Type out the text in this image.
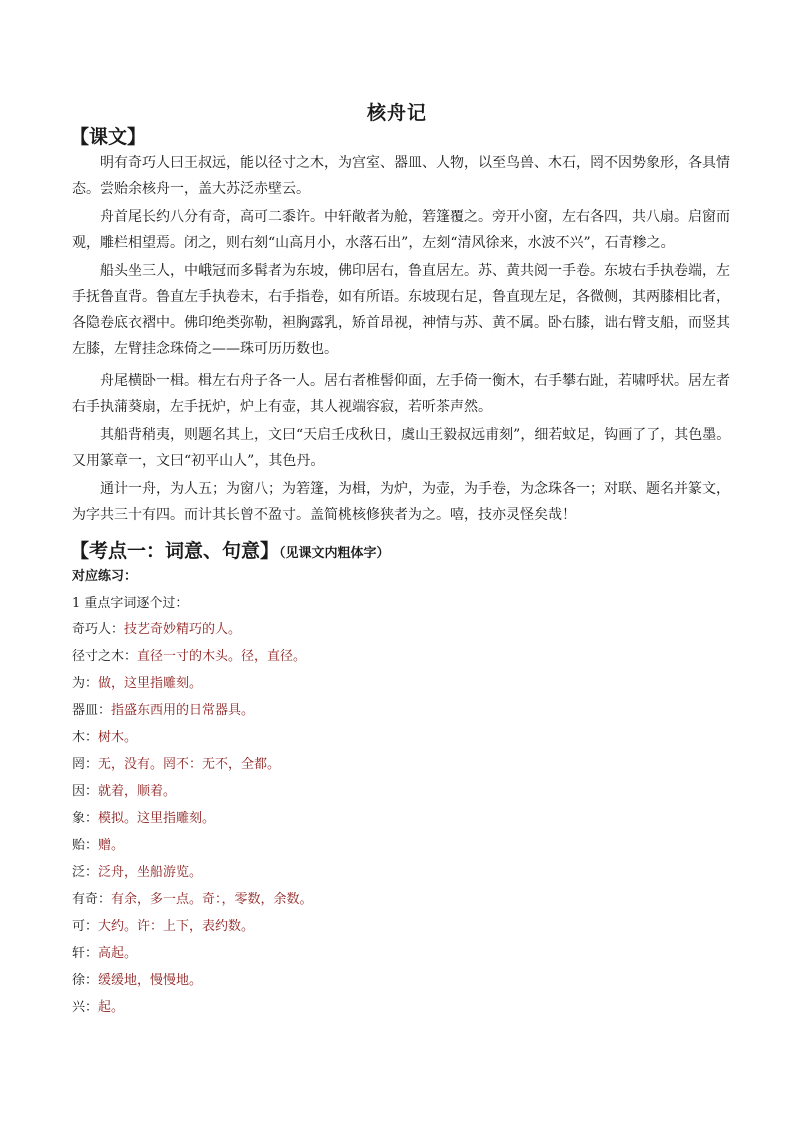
核舟记
【课文】
明有奇巧人曰王叔远，能以径寸之木，为宫室、器皿、人物，以至鸟兽、木石，罔不因势象形，各具情态。尝贻余核舟一，盖大苏泛赤壁云。
舟首尾长约八分有奇，高可二黍许。中轩敞者为舱，箬篷覆之。旁开小窗，左右各四，共八扇。启窗而观，雕栏相望焉。闭之，则右刻“山高月小，水落石出”，左刻“清风徐来，水波不兴”，石青糁之。
船头坐三人，中峨冠而多髯者为东坡，佛印居右，鲁直居左。苏、黄共阅一手卷。东坡右手执卷端，左手抚鲁直背。鲁直左手执卷末，右手指卷，如有所语。东坡现右足，鲁直现左足，各微侧，其两膝相比者，各隐卷底衣褶中。佛印绝类弥勒，袒胸露乳，矫首昂视，神情与苏、黄不属。卧右膝，诎右臂支船，而竖其左膝，左臂挂念珠倚之——珠可历历数也。
舟尾横卧一楫。楫左右舟子各一人。居右者椎髻仰面，左手倚一衡木，右手攀右趾，若啸呼状。居左者右手执蒲葵扇，左手抚炉，炉上有壶，其人视端容寂，若听茶声然。
其船背稍夷，则题名其上，文曰“天启壬戌秋日，虞山王毅叔远甫刻”，细若蚊足，钩画了了，其色墨。又用篆章一，文曰“初平山人”，其色丹。
通计一舟，为人五；为窗八；为箬篷，为楫，为炉，为壶，为手卷，为念珠各一；对联、题名并篆文，为字共三十有四。而计其长曾不盈寸。盖简桃核修狭者为之。嘻，技亦灵怪矣哉！
【考点一：词意、句意】（见课文内粗体字）
对应练习：
1 重点字词逐个过：
奇巧人：技艺奇妙精巧的人。
径寸之木：直径一寸的木头。径，直径。
为：做，这里指雕刻。
器皿：指盛东西用的日常器具。
木：树木。
罔：无，没有。罔不：无不，全都。
因：就着，顺着。
象：模拟。这里指雕刻。
贻：赠。
泛：泛舟，坐船游览。
有奇：有余，多一点。奇：，零数，余数。
可：大约。许：上下，表约数。
轩：高起。
徐：缓缓地，慢慢地。
兴：起。
